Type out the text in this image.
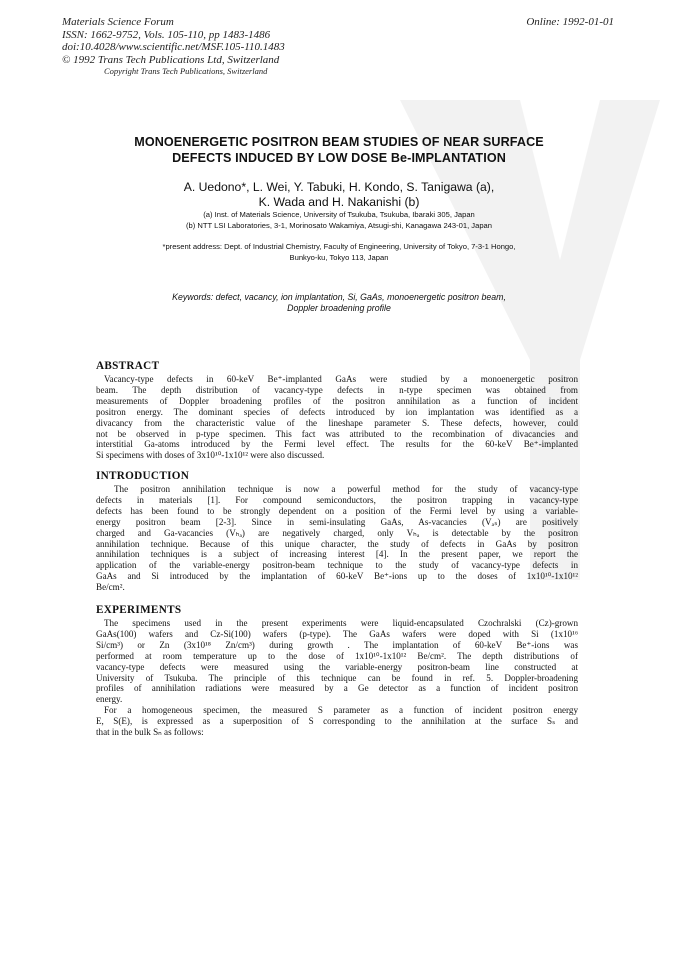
Materials Science Forum
ISSN: 1662-9752, Vols. 105-110, pp 1483-1486
doi:10.4028/www.scientific.net/MSF.105-110.1483
© 1992 Trans Tech Publications Ltd, Switzerland
Online: 1992-01-01
Copyright Trans Tech Publications, Switzerland
MONOENERGETIC POSITRON BEAM STUDIES OF NEAR SURFACE
DEFECTS INDUCED BY LOW DOSE Be-IMPLANTATION
A. Uedono*, L. Wei, Y. Tabuki, H. Kondo, S. Tanigawa (a),
K. Wada and H. Nakanishi (b)
(a) Inst. of Materials Science, University of Tsukuba, Tsukuba, Ibaraki 305, Japan
(b) NTT LSI Laboratories, 3-1, Morinosato Wakamiya, Atsugi-shi, Kanagawa 243-01, Japan
*present address: Dept. of Industrial Chemistry, Faculty of Engineering, University of Tokyo, 7-3-1 Hongo,
Bunkyo-ku, Tokyo 113, Japan
Keywords: defect, vacancy, ion implantation, Si, GaAs, monoenergetic positron beam,
Doppler broadening profile
ABSTRACT
Vacancy-type defects in 60-keV Be⁺-implanted GaAs were studied by a monoenergetic positron
beam. The depth distribution of vacancy-type defects in n-type specimen was obtained from
measurements of Doppler broadening profiles of the positron annihilation as a function of incident
positron energy. The dominant species of defects introduced by ion implantation was identified as a
divacancy from the characteristic value of the lineshape parameter S. These defects, however, could
not be observed in p-type specimen. This fact was attributed to the recombination of divacancies and
interstitial Ga-atoms introduced by the Fermi level effect. The results for the 60-keV Be⁺-implanted
Si specimens with doses of 3x10¹⁰-1x10¹² were also discussed.
INTRODUCTION
The positron annihilation technique is now a powerful method for the study of vacancy-type
defects in materials [1]. For compound semiconductors, the positron trapping in vacancy-type
defects has been found to be strongly dependent on a position of the Fermi level by using a variable-
energy positron beam [2-3]. Since in semi-insulating GaAs, As-vacancies (Vₐₛ) are positively
charged and Ga-vacancies (Vₕₐ) are negatively charged, only Vₕₐ is detectable by the positron
annihilation technique. Because of this unique character, the study of defects in GaAs by positron
annihilation techniques is a subject of increasing interest [4]. In the present paper, we report the
application of the variable-energy positron-beam technique to the study of vacancy-type defects in
GaAs and Si introduced by the implantation of 60-keV Be⁺-ions up to the doses of 1x10¹⁰-1x10¹²
Be/cm².
EXPERIMENTS
The specimens used in the present experiments were liquid-encapsulated Czochralski (Cz)-grown
GaAs(100) wafers and Cz-Si(100) wafers (p-type). The GaAs wafers were doped with Si (1x10¹⁶
Si/cm³) or Zn (3x10¹⁸ Zn/cm³) during growth . The implantation of 60-keV Be⁺-ions was
performed at room temperature up to the dose of 1x10¹⁰-1x10¹² Be/cm². The depth distributions of
vacancy-type defects were measured using the variable-energy positron-beam line constructed at
University of Tsukuba. The principle of this technique can be found in ref. 5. Doppler-broadening
profiles of annihilation radiations were measured by a Ge detector as a function of incident positron
energy.
For a homogeneous specimen, the measured S parameter as a function of incident positron energy
E, S(E), is expressed as a superposition of S corresponding to the annihilation at the surface Sₛ and
that in the bulk Sₙ as follows:
